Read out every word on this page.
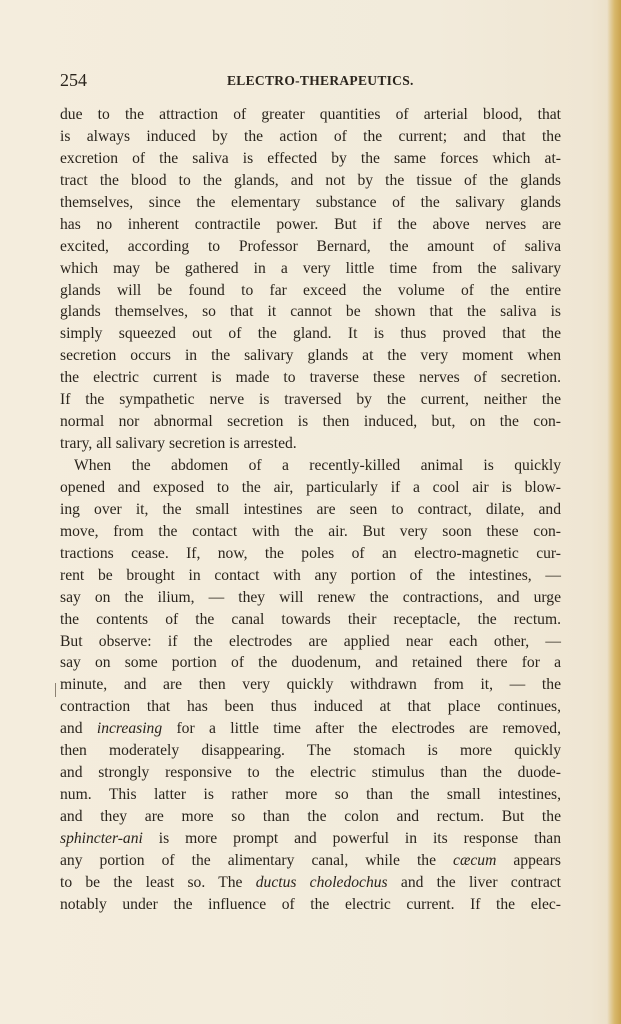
254	ELECTRO-THERAPEUTICS.
due to the attraction of greater quantities of arterial blood, that
is always induced by the action of the current; and that the
excretion of the saliva is effected by the same forces which at-
tract the blood to the glands, and not by the tissue of the glands
themselves, since the elementary substance of the salivary glands
has no inherent contractile power. But if the above nerves are
excited, according to Professor Bernard, the amount of saliva
which may be gathered in a very little time from the salivary
glands will be found to far exceed the volume of the entire
glands themselves, so that it cannot be shown that the saliva is
simply squeezed out of the gland. It is thus proved that the
secretion occurs in the salivary glands at the very moment when
the electric current is made to traverse these nerves of secretion.
If the sympathetic nerve is traversed by the current, neither the
normal nor abnormal secretion is then induced, but, on the con-
trary, all salivary secretion is arrested.
When the abdomen of a recently-killed animal is quickly
opened and exposed to the air, particularly if a cool air is blow-
ing over it, the small intestines are seen to contract, dilate, and
move, from the contact with the air. But very soon these con-
tractions cease. If, now, the poles of an electro-magnetic cur-
rent be brought in contact with any portion of the intestines, —
say on the ilium, — they will renew the contractions, and urge
the contents of the canal towards their receptacle, the rectum.
But observe: if the electrodes are applied near each other, —
say on some portion of the duodenum, and retained there for a
minute, and are then very quickly withdrawn from it, — the
contraction that has been thus induced at that place continues,
and increasing for a little time after the electrodes are removed,
then moderately disappearing. The stomach is more quickly
and strongly responsive to the electric stimulus than the duode-
num. This latter is rather more so than the small intestines,
and they are more so than the colon and rectum. But the
sphincter-ani is more prompt and powerful in its response than
any portion of the alimentary canal, while the cæcum appears
to be the least so. The ductus choledochus and the liver contract
notably under the influence of the electric current. If the elec-
